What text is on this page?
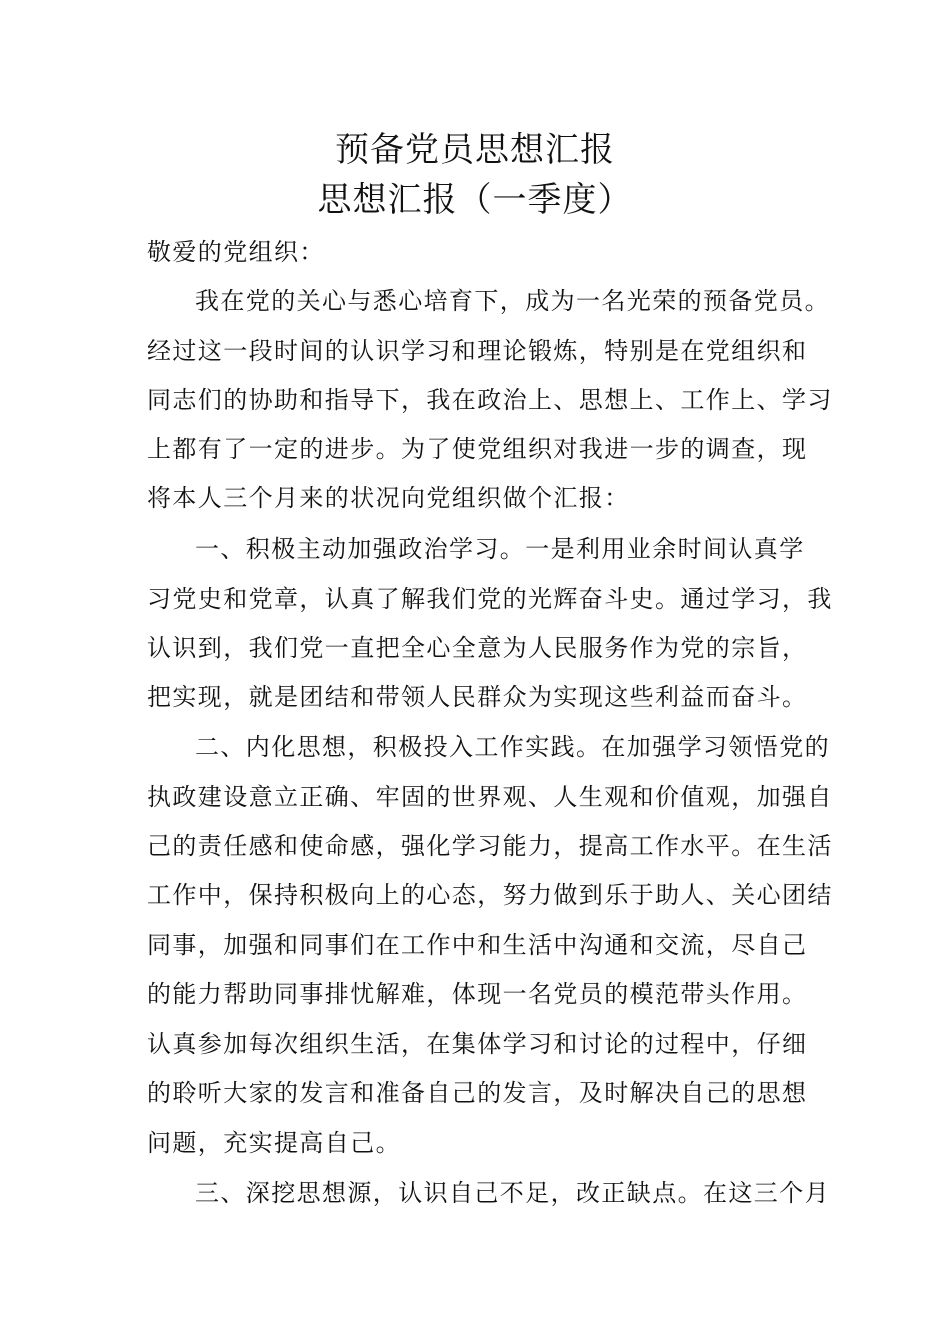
预备党员思想汇报
思想汇报（一季度）

敬爱的党组织：

我在党的关心与悉心培育下，成为一名光荣的预备党员。

经过这一段时间的认识学习和理论锻炼，特别是在党组织和

同志们的协助和指导下，我在政治上、思想上、工作上、学习

上都有了一定的进步。为了使党组织对我进一步的调查，现

将本人三个月来的状况向党组织做个汇报：

一、积极主动加强政治学习。一是利用业余时间认真学

习党史和党章，认真了解我们党的光辉奋斗史。通过学习，我

认识到，我们党一直把全心全意为人民服务作为党的宗旨，

把实现，就是团结和带领人民群众为实现这些利益而奋斗。

二、内化思想，积极投入工作实践。在加强学习领悟党的

执政建设意立正确、牢固的世界观、人生观和价值观，加强自

己的责任感和使命感，强化学习能力，提高工作水平。在生活

工作中，保持积极向上的心态，努力做到乐于助人、关心团结

同事，加强和同事们在工作中和生活中沟通和交流，尽自己

的能力帮助同事排忧解难，体现一名党员的模范带头作用。

认真参加每次组织生活，在集体学习和讨论的过程中，仔细

的聆听大家的发言和准备自己的发言，及时解决自己的思想

问题，充实提高自己。

三、深挖思想源，认识自己不足，改正缺点。在这三个月
